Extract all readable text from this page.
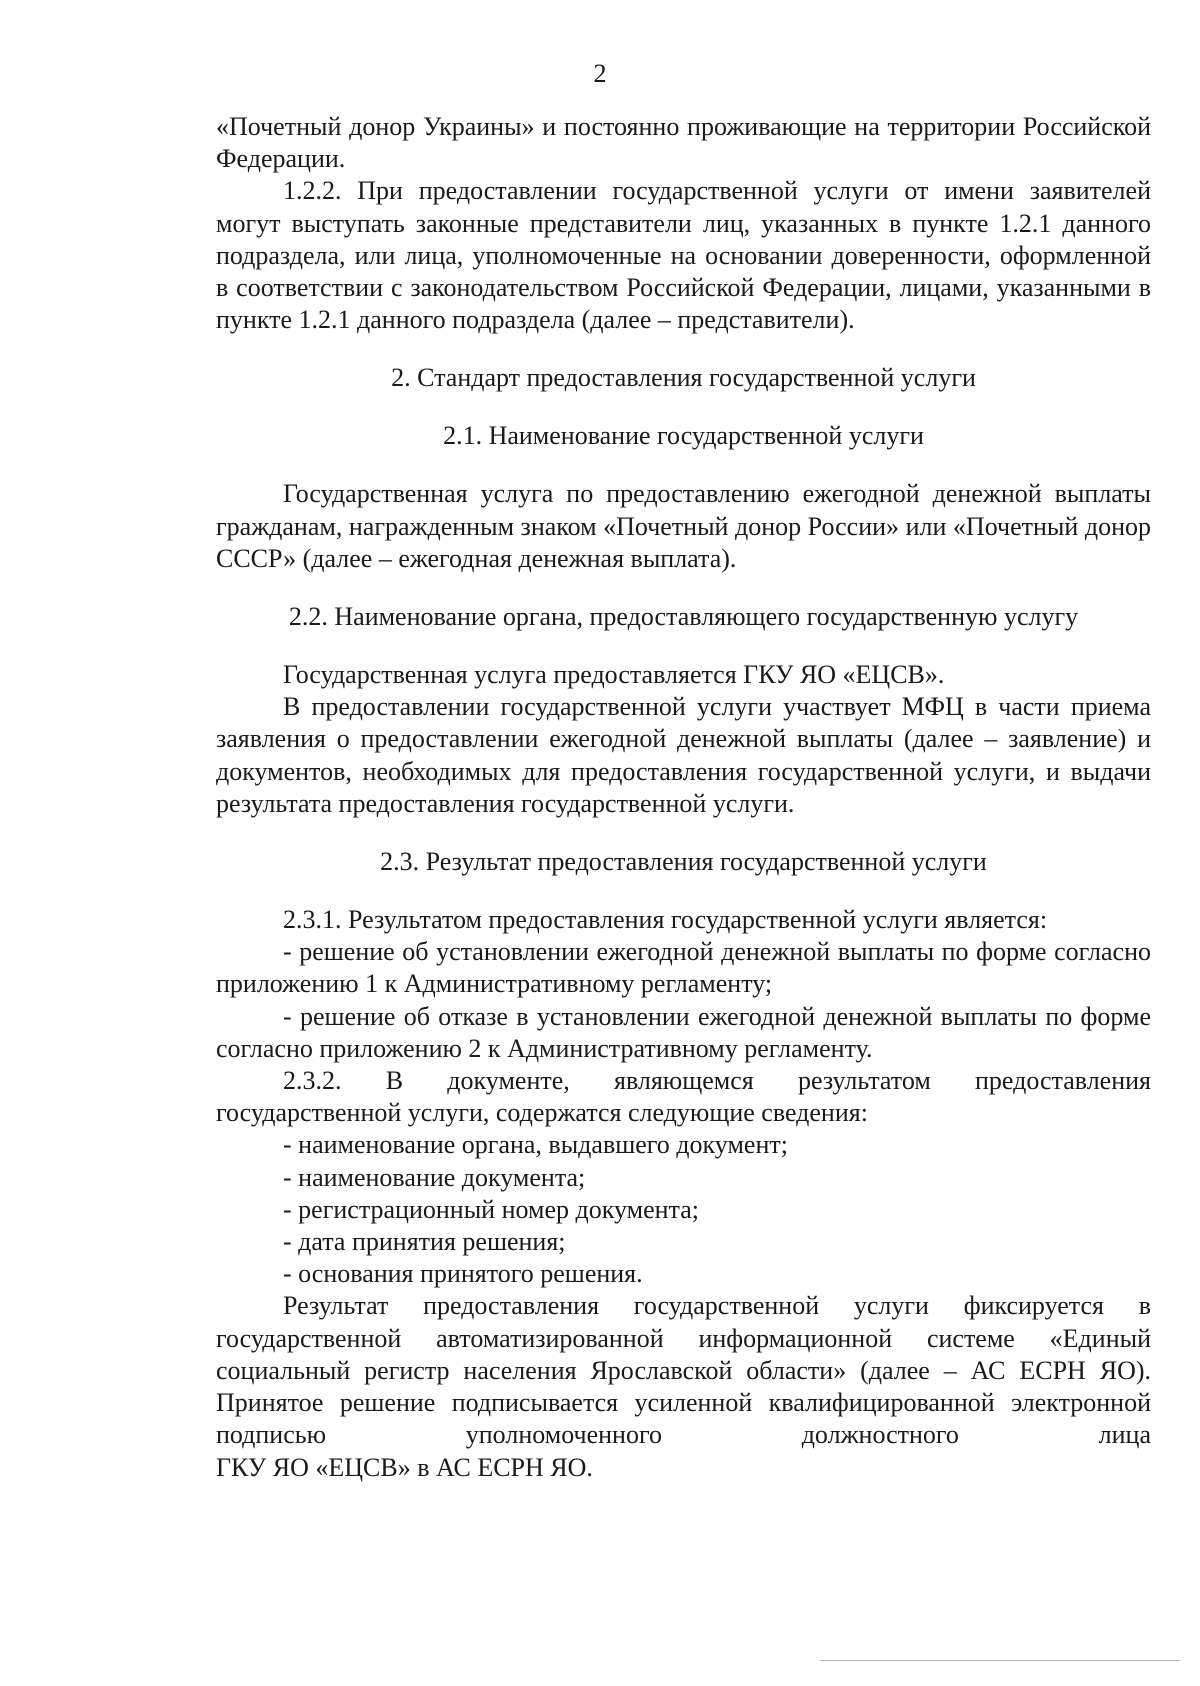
2

«Почетный донор Украины» и постоянно проживающие на территории Российской Федерации.

1.2.2. При предоставлении государственной услуги от имени заявителей могут выступать законные представители лиц, указанных в пункте 1.2.1 данного подраздела, или лица, уполномоченные на основании доверенности, оформленной в соответствии с законодательством Российской Федерации, лицами, указанными в пункте 1.2.1 данного подраздела (далее – представители).

2. Стандарт предоставления государственной услуги
2.1. Наименование государственной услуги

Государственная услуга по предоставлению ежегодной денежной выплаты гражданам, награжденным знаком «Почетный донор России» или «Почетный донор СССР» (далее – ежегодная денежная выплата).

2.2. Наименование органа, предоставляющего государственную услугу

Государственная услуга предоставляется ГКУ ЯО «ЕЦСВ».

В предоставлении государственной услуги участвует МФЦ в части приема заявления о предоставлении ежегодной денежной выплаты (далее – заявление) и документов, необходимых для предоставления государственной услуги, и выдачи результата предоставления государственной услуги.

2.3. Результат предоставления государственной услуги

2.3.1. Результатом предоставления государственной услуги является:

- решение об установлении ежегодной денежной выплаты по форме согласно приложению 1 к Административному регламенту;

- решение об отказе в установлении ежегодной денежной выплаты по форме согласно приложению 2 к Административному регламенту.

2.3.2. В документе, являющемся результатом предоставления государственной услуги, содержатся следующие сведения:

- наименование органа, выдавшего документ;

- наименование документа;

- регистрационный номер документа;

- дата принятия решения;

- основания принятого решения.

Результат предоставления государственной услуги фиксируется в государственной автоматизированной информационной системе «Единый социальный регистр населения Ярославской области» (далее – АС ЕСРН ЯО). Принятое решение подписывается усиленной квалифицированной электронной подписью уполномоченного должностного лица

ГКУ ЯО «ЕЦСВ» в АС ЕСРН ЯО.
